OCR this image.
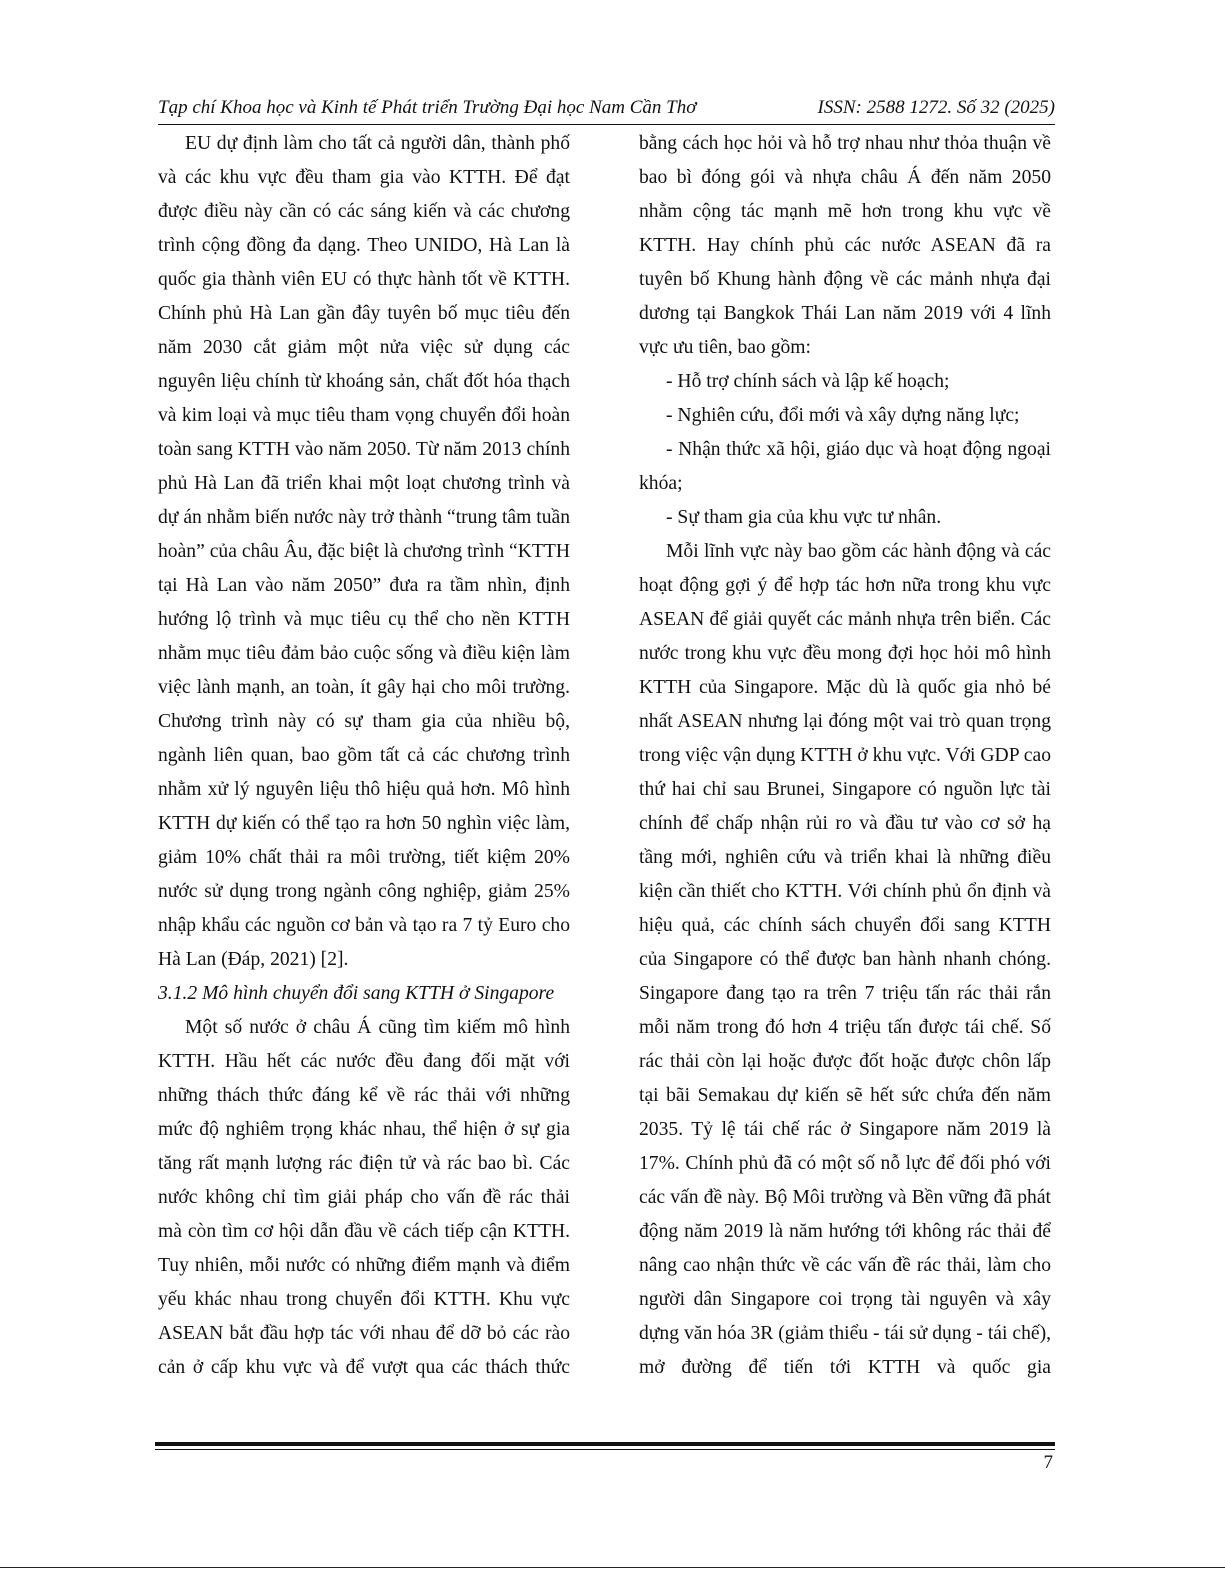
Tạp chí Khoa học và Kinh tế Phát triển Trường Đại học Nam Cần Thơ	ISSN: 2588 1272. Số 32 (2025)

EU dự định làm cho tất cả người dân, thành phố và các khu vực đều tham gia vào KTTH. Để đạt được điều này cần có các sáng kiến và các chương trình cộng đồng đa dạng. Theo UNIDO, Hà Lan là quốc gia thành viên EU có thực hành tốt về KTTH. Chính phủ Hà Lan gần đây tuyên bố mục tiêu đến năm 2030 cắt giảm một nửa việc sử dụng các nguyên liệu chính từ khoáng sản, chất đốt hóa thạch và kim loại và mục tiêu tham vọng chuyển đổi hoàn toàn sang KTTH vào năm 2050. Từ năm 2013 chính phủ Hà Lan đã triển khai một loạt chương trình và dự án nhằm biến nước này trở thành “trung tâm tuần hoàn” của châu Âu, đặc biệt là chương trình “KTTH tại Hà Lan vào năm 2050” đưa ra tầm nhìn, định hướng lộ trình và mục tiêu cụ thể cho nền KTTH nhằm mục tiêu đảm bảo cuộc sống và điều kiện làm việc lành mạnh, an toàn, ít gây hại cho môi trường. Chương trình này có sự tham gia của nhiều bộ, ngành liên quan, bao gồm tất cả các chương trình nhằm xử lý nguyên liệu thô hiệu quả hơn. Mô hình KTTH dự kiến có thể tạo ra hơn 50 nghìn việc làm, giảm 10% chất thải ra môi trường, tiết kiệm 20% nước sử dụng trong ngành công nghiệp, giảm 25% nhập khẩu các nguồn cơ bản và tạo ra 7 tỷ Euro cho Hà Lan (Đáp, 2021) [2].

3.1.2 Mô hình chuyển đổi sang KTTH ở Singapore

Một số nước ở châu Á cũng tìm kiếm mô hình KTTH. Hầu hết các nước đều đang đối mặt với những thách thức đáng kể về rác thải với những mức độ nghiêm trọng khác nhau, thể hiện ở sự gia tăng rất mạnh lượng rác điện tử và rác bao bì. Các nước không chỉ tìm giải pháp cho vấn đề rác thải mà còn tìm cơ hội dẫn đầu về cách tiếp cận KTTH. Tuy nhiên, mỗi nước có những điểm mạnh và điểm yếu khác nhau trong chuyển đổi KTTH. Khu vực ASEAN bắt đầu hợp tác với nhau để dỡ bỏ các rào cản ở cấp khu vực và để vượt qua các thách thức

bằng cách học hỏi và hỗ trợ nhau như thỏa thuận về bao bì đóng gói và nhựa châu Á đến năm 2050 nhằm cộng tác mạnh mẽ hơn trong khu vực về KTTH. Hay chính phủ các nước ASEAN đã ra tuyên bố Khung hành động về các mảnh nhựa đại dương tại Bangkok Thái Lan năm 2019 với 4 lĩnh vực ưu tiên, bao gồm:

- Hỗ trợ chính sách và lập kế hoạch;

- Nghiên cứu, đổi mới và xây dựng năng lực;

- Nhận thức xã hội, giáo dục và hoạt động ngoại khóa;

- Sự tham gia của khu vực tư nhân.

Mỗi lĩnh vực này bao gồm các hành động và các hoạt động gợi ý để hợp tác hơn nữa trong khu vực ASEAN để giải quyết các mảnh nhựa trên biển. Các nước trong khu vực đều mong đợi học hỏi mô hình KTTH của Singapore. Mặc dù là quốc gia nhỏ bé nhất ASEAN nhưng lại đóng một vai trò quan trọng trong việc vận dụng KTTH ở khu vực. Với GDP cao thứ hai chỉ sau Brunei, Singapore có nguồn lực tài chính để chấp nhận rủi ro và đầu tư vào cơ sở hạ tầng mới, nghiên cứu và triển khai là những điều kiện cần thiết cho KTTH. Với chính phủ ổn định và hiệu quả, các chính sách chuyển đổi sang KTTH của Singapore có thể được ban hành nhanh chóng. Singapore đang tạo ra trên 7 triệu tấn rác thải rắn mỗi năm trong đó hơn 4 triệu tấn được tái chế. Số rác thải còn lại hoặc được đốt hoặc được chôn lấp tại bãi Semakau dự kiến sẽ hết sức chứa đến năm 2035. Tỷ lệ tái chế rác ở Singapore năm 2019 là 17%. Chính phủ đã có một số nỗ lực để đối phó với các vấn đề này. Bộ Môi trường và Bền vững đã phát động năm 2019 là năm hướng tới không rác thải để nâng cao nhận thức về các vấn đề rác thải, làm cho người dân Singapore coi trọng tài nguyên và xây dựng văn hóa 3R (giảm thiểu - tái sử dụng - tái chế), mở đường để tiến tới KTTH và quốc gia

7
